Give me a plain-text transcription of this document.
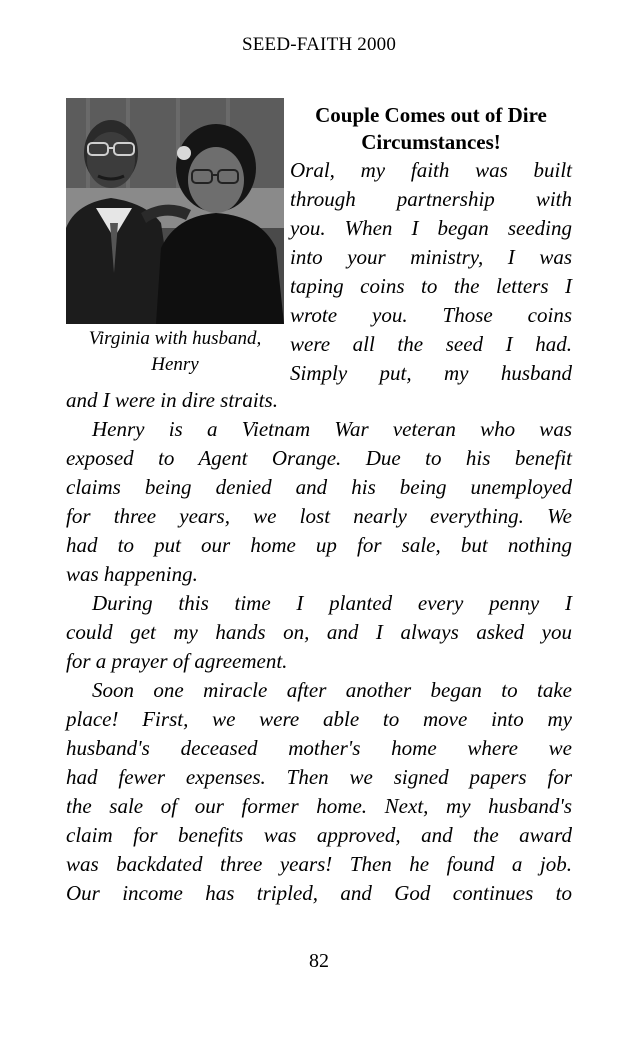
SEED-FAITH 2000
Virginia with husband,
Henry
Couple Comes out of Dire
Circumstances!
Oral, my faith was built
through partnership with
you. When I began seeding
into your ministry, I was
taping coins to the letters I
wrote you. Those coins
were all the seed I had.
Simply put, my husband
and I were in dire straits.
Henry is a Vietnam War veteran who was
exposed to Agent Orange. Due to his benefit
claims being denied and his being unemployed
for three years, we lost nearly everything. We
had to put our home up for sale, but nothing
was happening.
During this time I planted every penny I
could get my hands on, and I always asked you
for a prayer of agreement.
Soon one miracle after another began to take
place! First, we were able to move into my
husband's deceased mother's home where we
had fewer expenses. Then we signed papers for
the sale of our former home. Next, my husband's
claim for benefits was approved, and the award
was backdated three years! Then he found a job.
Our income has tripled, and God continues to
82
